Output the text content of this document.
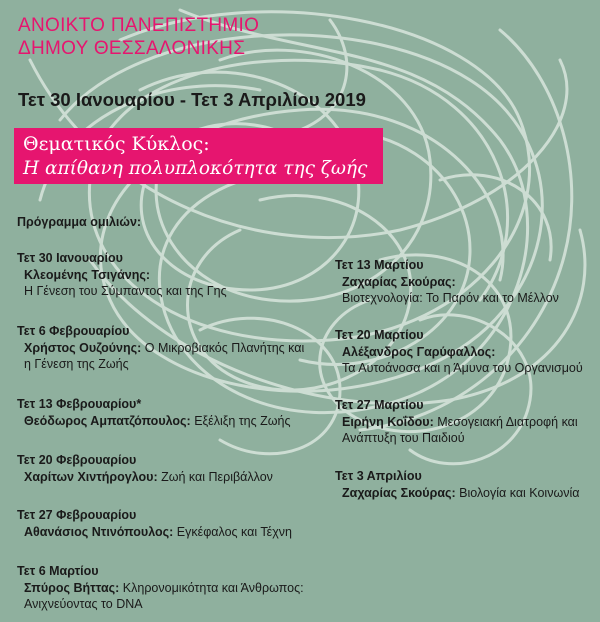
ΑΝΟΙΚΤΟ ΠΑΝΕΠΙΣΤΗΜΙΟ
ΔΗΜΟΥ ΘΕΣΣΑΛΟΝΙΚΗΣ
Τετ 30 Ιανουαρίου - Τετ 3 Απριλίου 2019
Θεματικός Κύκλος:
Η απίθανη πολυπλοκότητα της ζωής
Πρόγραμμα ομιλιών:
Τετ 30 Ιανουαρίου
Κλεομένης Τσιγάνης:
Η Γένεση του Σύμπαντος και της Γης
Τετ 6 Φεβρουαρίου
Χρήστος Ουζούνης: Ο Μικροβιακός Πλανήτης και η Γένεση της Ζωής
Τετ 13 Φεβρουαρίου*
Θεόδωρος Αμπατζόπουλος: Εξέλιξη της Ζωής
Τετ 20 Φεβρουαρίου
Χαρίτων Χιντήρογλου: Ζωή και Περιβάλλον
Τετ 27 Φεβρουαρίου
Αθανάσιος Ντινόπουλος: Εγκέφαλος και Τέχνη
Τετ 6 Μαρτίου
Σπύρος Βήττας: Κληρονομικότητα και Άνθρωπος: Ανιχνεύοντας το DNA
Τετ 13 Μαρτίου
Ζαχαρίας Σκούρας:
Βιοτεχνολογία: Το Παρόν και το Μέλλον
Τετ 20 Μαρτίου
Αλέξανδρος Γαρύφαλλος:
Τα Αυτοάνοσα και η Άμυνα του Οργανισμού
Τετ 27 Μαρτίου
Ειρήνη Κοΐδου: Μεσογειακή Διατροφή και Ανάπτυξη του Παιδιού
Τετ 3 Απριλίου
Ζαχαρίας Σκούρας: Βιολογία και Κοινωνία
